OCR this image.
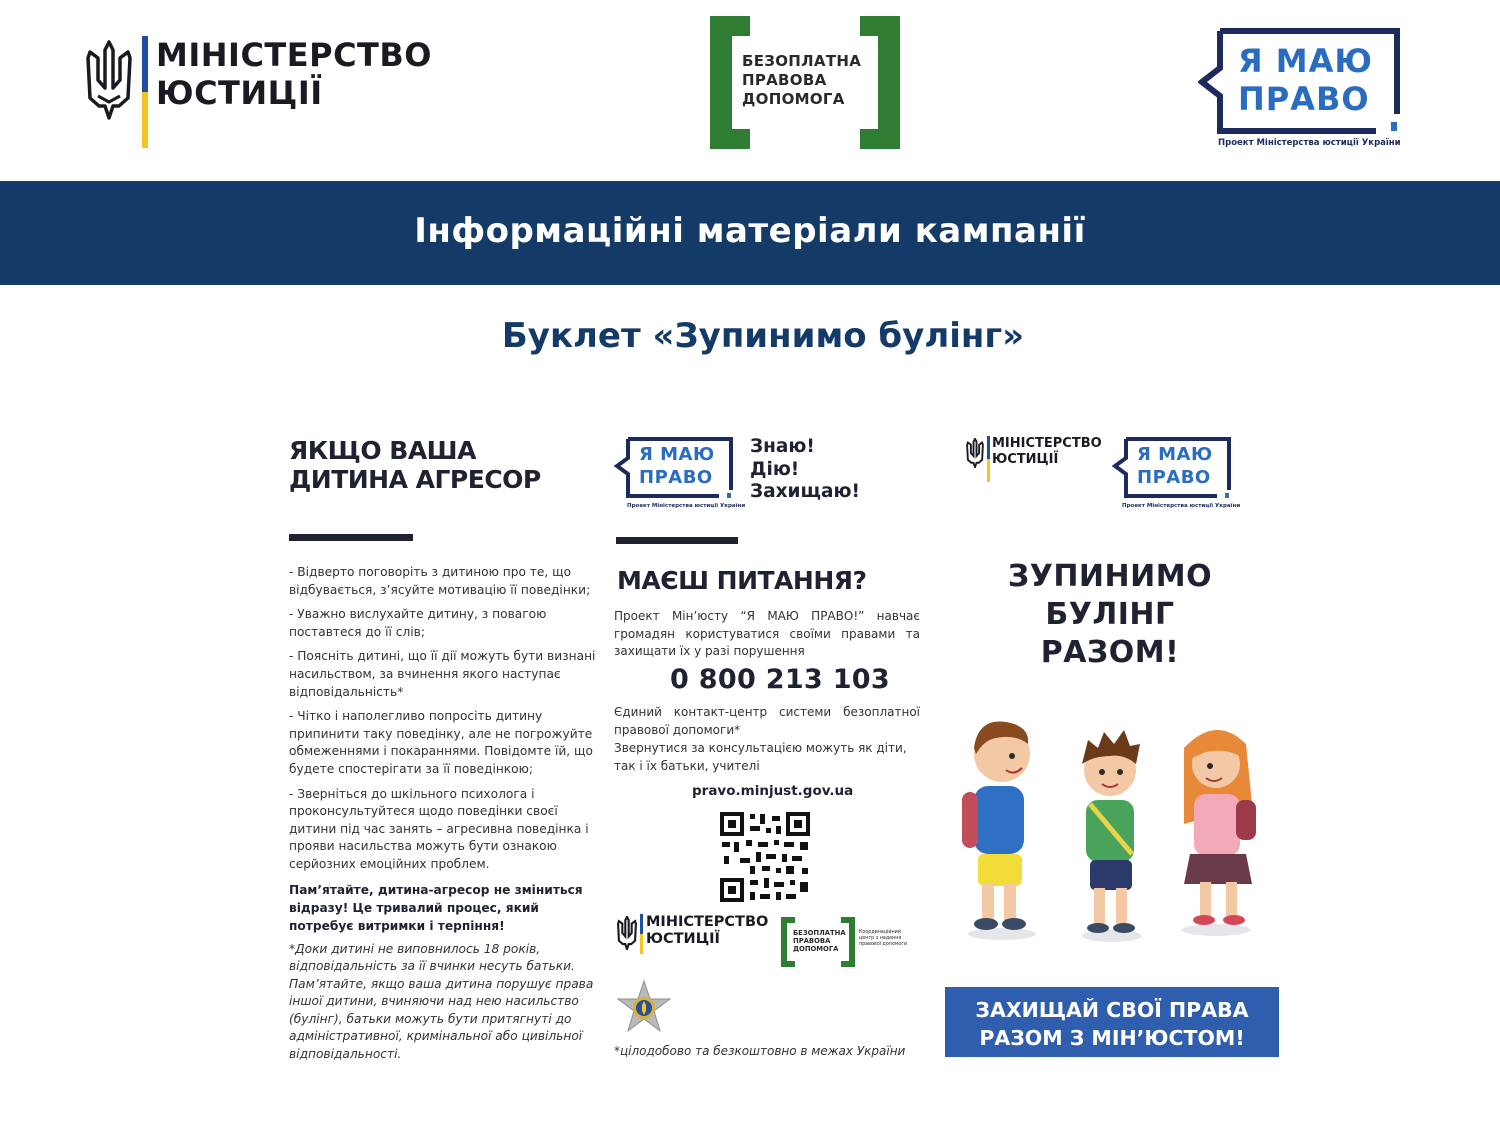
МІНІСТЕРСТВО
ЮСТИЦІЇ
БЕЗОПЛАТНА
ПРАВОВА
ДОПОМОГА
Я МАЮ
ПРАВО
Проект Міністерства юстиції України
Інформаційні матеріали кампанії
Буклет «Зупинимо булінг»
ЯКЩО ВАША
ДИТИНА АГРЕСОР
- Відверто поговоріть з дитиною про те, що відбувається, з’ясуйте мотивацію її поведінки;
- Уважно вислухайте дитину, з повагою поставтеся до її слів;
- Поясніть дитині, що її дії можуть бути визнані насильством, за вчинення якого наступає відповідальність*
- Чітко і наполегливо попросіть дитину припинити таку поведінку, але не погрожуйте обмеженнями і покараннями. Повідомте їй, що будете спостерігати за її поведінкою;
- Зверніться до шкільного психолога і проконсультуйтеся щодо поведінки своєї дитини під час занять – агресивна поведінка і прояви насильства можуть бути ознакою серйозних емоційних проблем.
Пам’ятайте, дитина-агресор не зміниться відразу! Це тривалий процес, який потребує витримки і терпіння!
*Доки дитині не виповнилось 18 років, відповідальність за її вчинки несуть батьки. Пам’ятайте, якщо ваша дитина порушує права іншої дитини, вчиняючи над нею насильство (булінг), батьки можуть бути притягнуті до адміністративної, кримінальної або цивільної відповідальності.
Я МАЮ
ПРАВО
Проект Міністерства юстиції України
Знаю!
Дію!
Захищаю!
МАЄШ ПИТАННЯ?
Проект Мін’юсту “Я МАЮ ПРАВО!” навчає громадян користуватися своїми правами та захищати їх у разі порушення
0 800 213 103
Єдиний контакт-центр системи безоплатної правової допомоги*
Звернутися за консультацією можуть як діти, так і їх батьки, учителі
pravo.minjust.gov.ua
МІНІСТЕРСТВО
ЮСТИЦІЇ	БЕЗОПЛАТНА
ПРАВОВА
ДОПОМОГА
Координаційний
центр з надання
правової допомоги
*цілодобово та безкоштовно в межах України
МІНІСТЕРСТВО
ЮСТИЦІЇ	Я МАЮ
ПРАВО
Проект Міністерства юстиції України
ЗУПИНИМО
БУЛІНГ
РАЗОМ!
ЗАХИЩАЙ СВОЇ ПРАВА
РАЗОМ З МІН’ЮСТОМ!
